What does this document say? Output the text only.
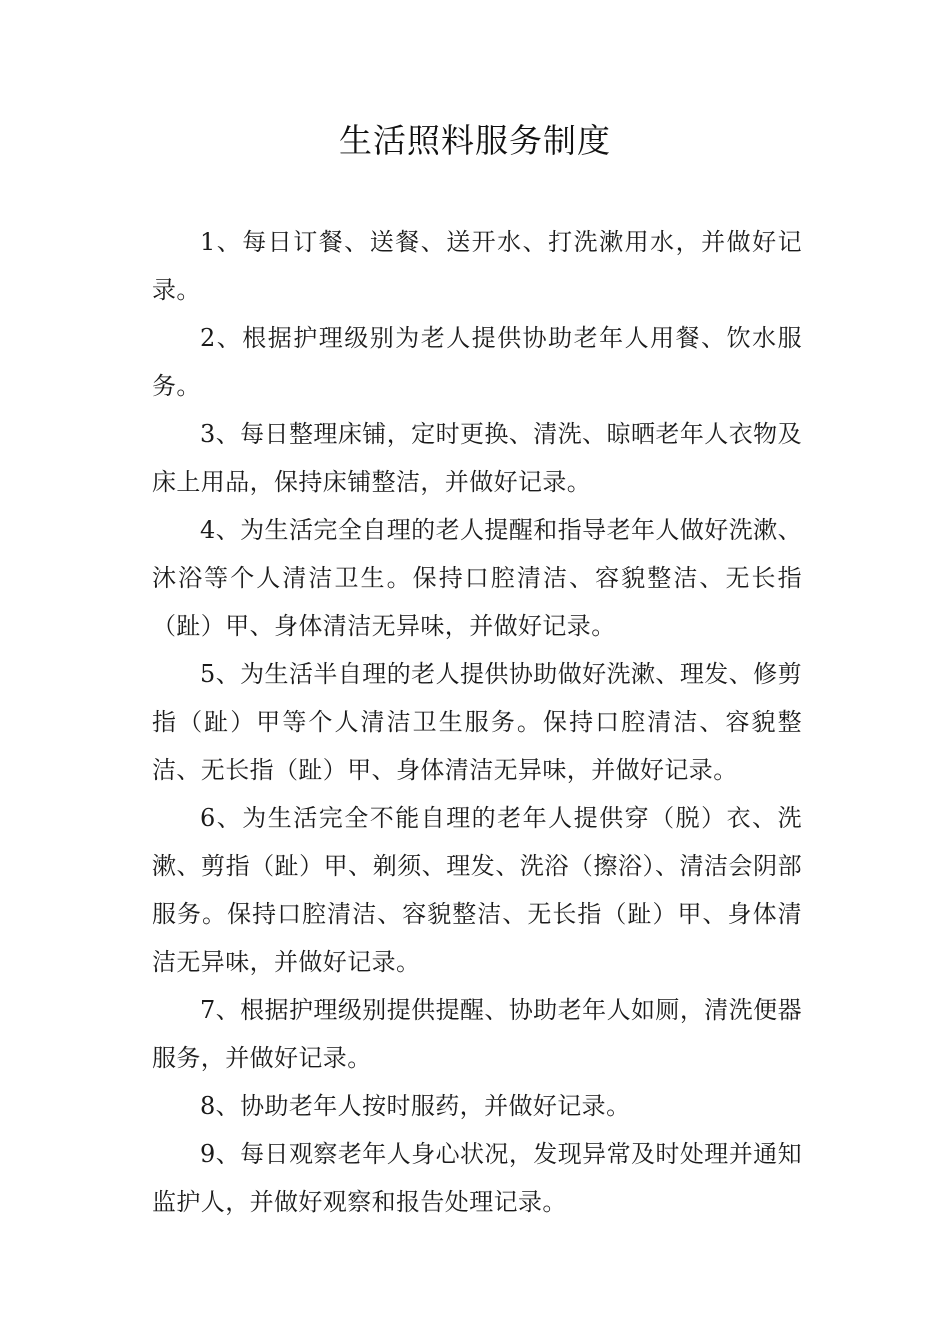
生活照料服务制度

1、每日订餐、送餐、送开水、打洗漱用水，并做好记录。

2、根据护理级别为老人提供协助老年人用餐、饮水服务。

3、每日整理床铺，定时更换、清洗、晾晒老年人衣物及床上用品，保持床铺整洁，并做好记录。

4、为生活完全自理的老人提醒和指导老年人做好洗漱、沐浴等个人清洁卫生。保持口腔清洁、容貌整洁、无长指（趾）甲、身体清洁无异味，并做好记录。

5、为生活半自理的老人提供协助做好洗漱、理发、修剪指（趾）甲等个人清洁卫生服务。保持口腔清洁、容貌整洁、无长指（趾）甲、身体清洁无异味，并做好记录。

6、为生活完全不能自理的老年人提供穿（脱）衣、洗漱、剪指（趾）甲、剃须、理发、洗浴（擦浴）、清洁会阴部服务。保持口腔清洁、容貌整洁、无长指（趾）甲、身体清洁无异味，并做好记录。

7、根据护理级别提供提醒、协助老年人如厕，清洗便器服务，并做好记录。

8、协助老年人按时服药，并做好记录。

9、每日观察老年人身心状况，发现异常及时处理并通知监护人，并做好观察和报告处理记录。
